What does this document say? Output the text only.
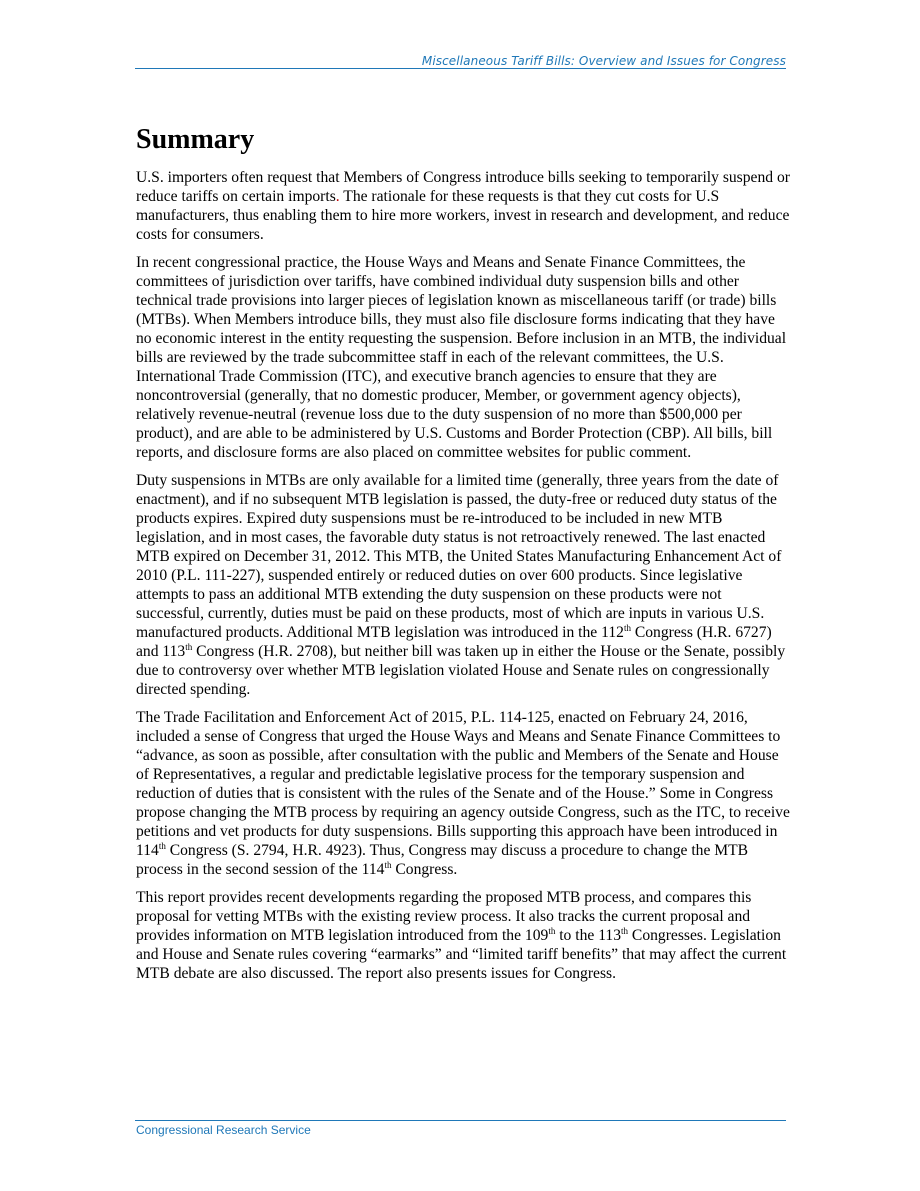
Miscellaneous Tariff Bills: Overview and Issues for Congress
Summary

U.S. importers often request that Members of Congress introduce bills seeking to temporarily suspend or reduce tariffs on certain imports. The rationale for these requests is that they cut costs for U.S manufacturers, thus enabling them to hire more workers, invest in research and development, and reduce costs for consumers.

In recent congressional practice, the House Ways and Means and Senate Finance Committees, the committees of jurisdiction over tariffs, have combined individual duty suspension bills and other technical trade provisions into larger pieces of legislation known as miscellaneous tariff (or trade) bills (MTBs). When Members introduce bills, they must also file disclosure forms indicating that they have no economic interest in the entity requesting the suspension. Before inclusion in an MTB, the individual bills are reviewed by the trade subcommittee staff in each of the relevant committees, the U.S. International Trade Commission (ITC), and executive branch agencies to ensure that they are noncontroversial (generally, that no domestic producer, Member, or government agency objects), relatively revenue-neutral (revenue loss due to the duty suspension of no more than $500,000 per product), and are able to be administered by U.S. Customs and Border Protection (CBP). All bills, bill reports, and disclosure forms are also placed on committee websites for public comment.

Duty suspensions in MTBs are only available for a limited time (generally, three years from the date of enactment), and if no subsequent MTB legislation is passed, the duty-free or reduced duty status of the products expires. Expired duty suspensions must be re-introduced to be included in new MTB legislation, and in most cases, the favorable duty status is not retroactively renewed. The last enacted MTB expired on December 31, 2012. This MTB, the United States Manufacturing Enhancement Act of 2010 (P.L. 111-227), suspended entirely or reduced duties on over 600 products. Since legislative attempts to pass an additional MTB extending the duty suspension on these products were not successful, currently, duties must be paid on these products, most of which are inputs in various U.S. manufactured products. Additional MTB legislation was introduced in the 112th Congress (H.R. 6727) and 113th Congress (H.R. 2708), but neither bill was taken up in either the House or the Senate, possibly due to controversy over whether MTB legislation violated House and Senate rules on congressionally directed spending.

The Trade Facilitation and Enforcement Act of 2015, P.L. 114-125, enacted on February 24, 2016, included a sense of Congress that urged the House Ways and Means and Senate Finance Committees to “advance, as soon as possible, after consultation with the public and Members of the Senate and House of Representatives, a regular and predictable legislative process for the temporary suspension and reduction of duties that is consistent with the rules of the Senate and of the House.” Some in Congress propose changing the MTB process by requiring an agency outside Congress, such as the ITC, to receive petitions and vet products for duty suspensions. Bills supporting this approach have been introduced in 114th Congress (S. 2794, H.R. 4923). Thus, Congress may discuss a procedure to change the MTB process in the second session of the 114th Congress.

This report provides recent developments regarding the proposed MTB process, and compares this proposal for vetting MTBs with the existing review process. It also tracks the current proposal and provides information on MTB legislation introduced from the 109th to the 113th Congresses. Legislation and House and Senate rules covering “earmarks” and “limited tariff benefits” that may affect the current MTB debate are also discussed. The report also presents issues for Congress.

Congressional Research Service
